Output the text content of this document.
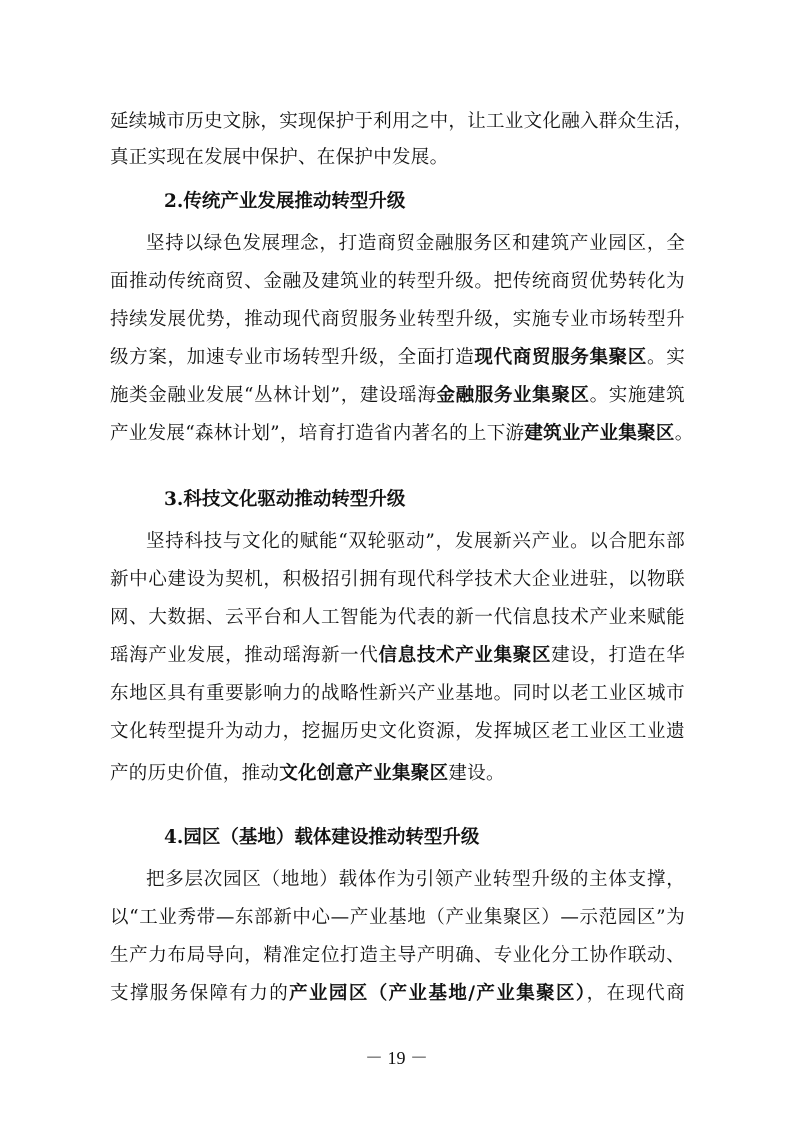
延续城市历史文脉，实现保护于利用之中，让工业文化融入群众生活，
真正实现在发展中保护、在保护中发展。
2.传统产业发展推动转型升级
坚持以绿色发展理念，打造商贸金融服务区和建筑产业园区，全
面推动传统商贸、金融及建筑业的转型升级。把传统商贸优势转化为
持续发展优势，推动现代商贸服务业转型升级，实施专业市场转型升
级方案，加速专业市场转型升级，全面打造现代商贸服务集聚区。实
施类金融业发展“丛林计划”，建设瑶海金融服务业集聚区。实施建筑
产业发展“森林计划”，培育打造省内著名的上下游建筑业产业集聚区。
3.科技文化驱动推动转型升级
坚持科技与文化的赋能“双轮驱动”，发展新兴产业。以合肥东部
新中心建设为契机，积极招引拥有现代科学技术大企业进驻，以物联
网、大数据、云平台和人工智能为代表的新一代信息技术产业来赋能
瑶海产业发展，推动瑶海新一代信息技术产业集聚区建设，打造在华
东地区具有重要影响力的战略性新兴产业基地。同时以老工业区城市
文化转型提升为动力，挖掘历史文化资源，发挥城区老工业区工业遗
产的历史价值，推动文化创意产业集聚区建设。
4.园区（基地）载体建设推动转型升级
把多层次园区（地地）载体作为引领产业转型升级的主体支撑，
以“工业秀带—东部新中心—产业基地（产业集聚区）—示范园区”为
生产力布局导向，精准定位打造主导产明确、专业化分工协作联动、
支撑服务保障有力的产业园区（产业基地/产业集聚区），在现代商
－ 19 －
